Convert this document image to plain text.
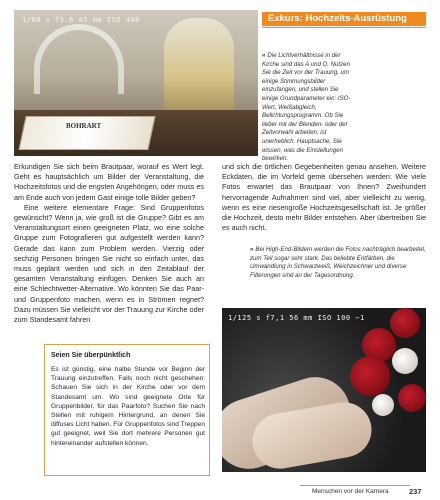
BOHRART
1/60 s f5.6 45 mm ISO 400	Exkurs: Hochzeits-Ausrüstung
« Die Lichtverhältnisse in der Kirche sind das A und O. Nutzen Sie die Zeit vor der Trauung, um einige Stimmungsbilder einzufangen, und stellen Sie einige Grundparameter ein: ISO-Wert, Weißabgleich, Belichtungsprogramm. Ob Sie lieber mit der Blenden- oder der Zeitvorwahl arbeiten, ist unerheblich. Hauptsache, Sie wissen, was die Einstellungen bewirken.

Erkundigen Sie sich beim Brautpaar, worauf es Wert legt. Geht es hauptsächlich um Bilder der Veranstaltung, die Hochzeitsfotos und die engsten Angehörigen, oder muss es am Ende auch von jedem Gast einige tolle Bilder geben?

Eine weitere elementare Frage: Sind Gruppenfotos gewünscht? Wenn ja, wie groß ist die Gruppe? Gibt es am Veranstaltungsort einen geeigneten Platz, wo eine solche Gruppe zum Fotografieren gut aufgestellt werden kann? Gerade das kann zum Problem werden. Vierzig oder sechzig Personen bringen Sie nicht so einfach unter, das muss geplant werden und sich in den Zeitablauf der gesamten Veranstaltung einfügen. Denken Sie auch an eine Schlechtwetter-Alternative. Wo könnten Sie das Paar- und Gruppenfoto machen, wenn es in Strömen regnet? Dazu müssen Sie vielleicht vor der Trauung zur Kirche oder zum Standesamt fahren

und sich die örtlichen Gegebenheiten genau ansehen. Weitere Eckdaten, die im Vorfeld geme übersehen werden: Wie viele Fotos erwartet das Brautpaar von Ihnen? Zweihundert hervorragende Aufnahmen sind viel, aber vielleicht zu wenig, wenn es eine riesengroße Hochzeitsgesellschaft ist. Je größer die Hochzeit, desto mehr Bilder entstehen. Aber übertreiben Sie es auch nicht.

» Bei High-End-Bildern werden die Fotos nachträglich bearbeitet, zum Teil sogar sehr stark. Das beliebte Entfärben, die Umwandlung in Schwarzweiß, Weichzeichner und diverse Filterungen sind an der Tagesordnung.
1/125 s f7,1 56 mm ISO 100 −1
Seien Sie überpünktlich
Es ist günstig, eine halbe Stunde vor Beginn der Trauung einzutreffen. Falls noch nicht geschehen: Schauen Sie sich in der Kirche oder vor dem Standesamt um. Wo sind geeignete Orte für Gruppenbilder, für das Paarfoto? Suchen Sie nach Stellen mit ruhigem Hintergrund, an denen Sie diffuses Licht haben. Für Gruppenfotos sind Treppen gut geeignet, weil Sie dort mehrere Personen gut hintereinander aufstellen können.
Menschen vor der Kamera	237
